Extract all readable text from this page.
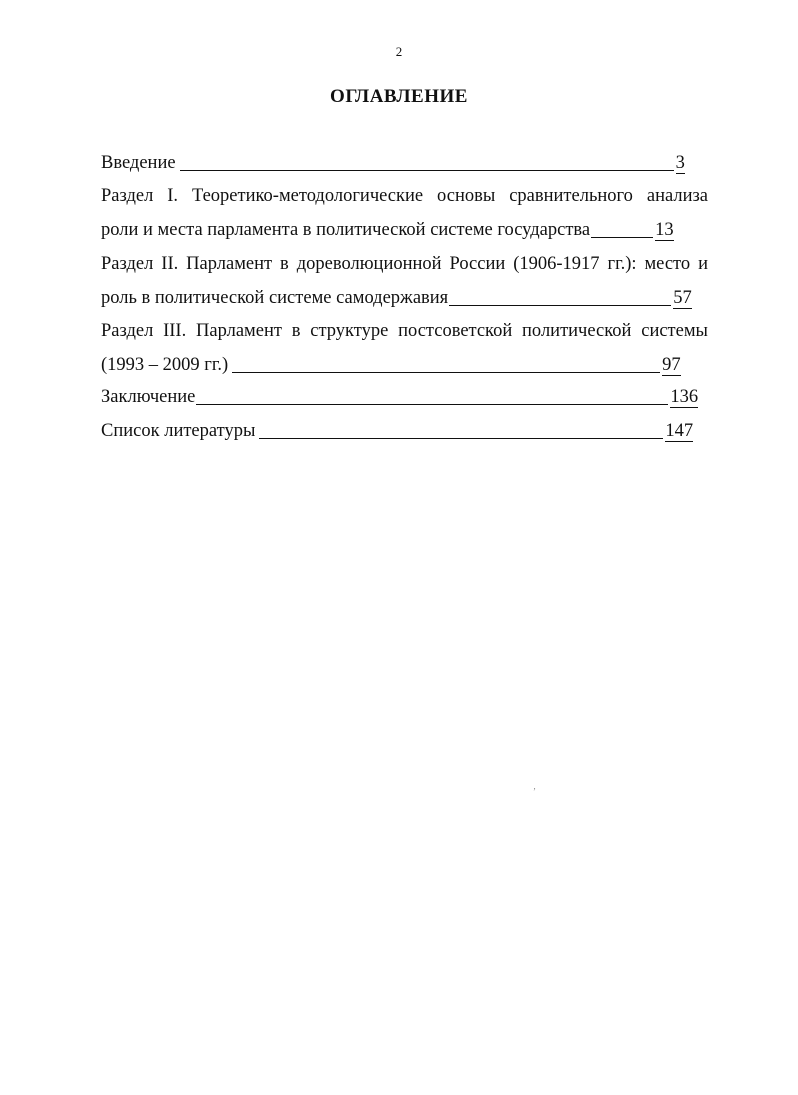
2
ОГЛАВЛЕНИЕ
Введение	3
Раздел I. Теоретико-методологические основы сравнительного анализа
роли и места парламента в политической системе государства	13
Раздел II. Парламент в дореволюционной России (1906-1917 гг.): место и
роль в политической системе самодержавия	57
Раздел III. Парламент в структуре постсоветской политической системы
(1993 – 2009 гг.)	97
Заключение	136
Список литературы	147
‚
